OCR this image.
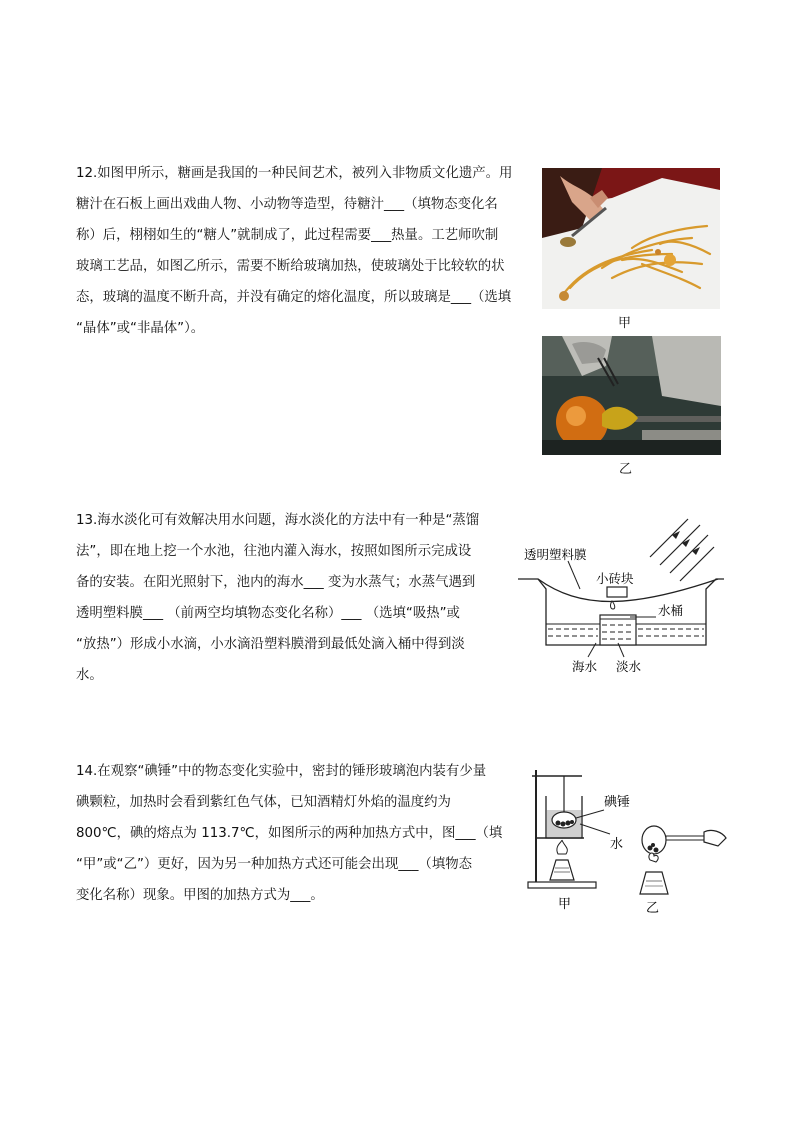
12.如图甲所示，糖画是我国的一种民间艺术，被列入非物质文化遗产。用
糖汁在石板上画出戏曲人物、小动物等造型，待糖汁___（填物态变化名
称）后，栩栩如生的“糖人”就制成了，此过程需要___热量。工艺师吹制
玻璃工艺品，如图乙所示，需要不断给玻璃加热，使玻璃处于比较软的状
态，玻璃的温度不断升高，并没有确定的熔化温度，所以玻璃是___（选填
“晶体”或“非晶体”）。	甲
乙
13.海水淡化可有效解决用水问题，海水淡化的方法中有一种是“蒸馏
法”，即在地上挖一个水池，往池内灌入海水，按照如图所示完成设
备的安装。在阳光照射下，池内的海水___ 变为水蒸气；水蒸气遇到
透明塑料膜___ （前两空均填物态变化名称）___ （选填“吸热”或
“放热”）形成小水滴，小水滴沿塑料膜滑到最低处滴入桶中得到淡
水。
透明塑料膜
小砖块
水桶
海水 淡水
14.在观察“碘锤”中的物态变化实验中，密封的锤形玻璃泡内装有少量
碘颗粒，加热时会看到紫红色气体，已知酒精灯外焰的温度约为
800℃，碘的熔点为 113.7℃，如图所示的两种加热方式中，图___（填
“甲”或“乙”）更好，因为另一种加热方式还可能会出现___（填物态
变化名称）现象。甲图的加热方式为___。
碘锤
水
甲	乙
